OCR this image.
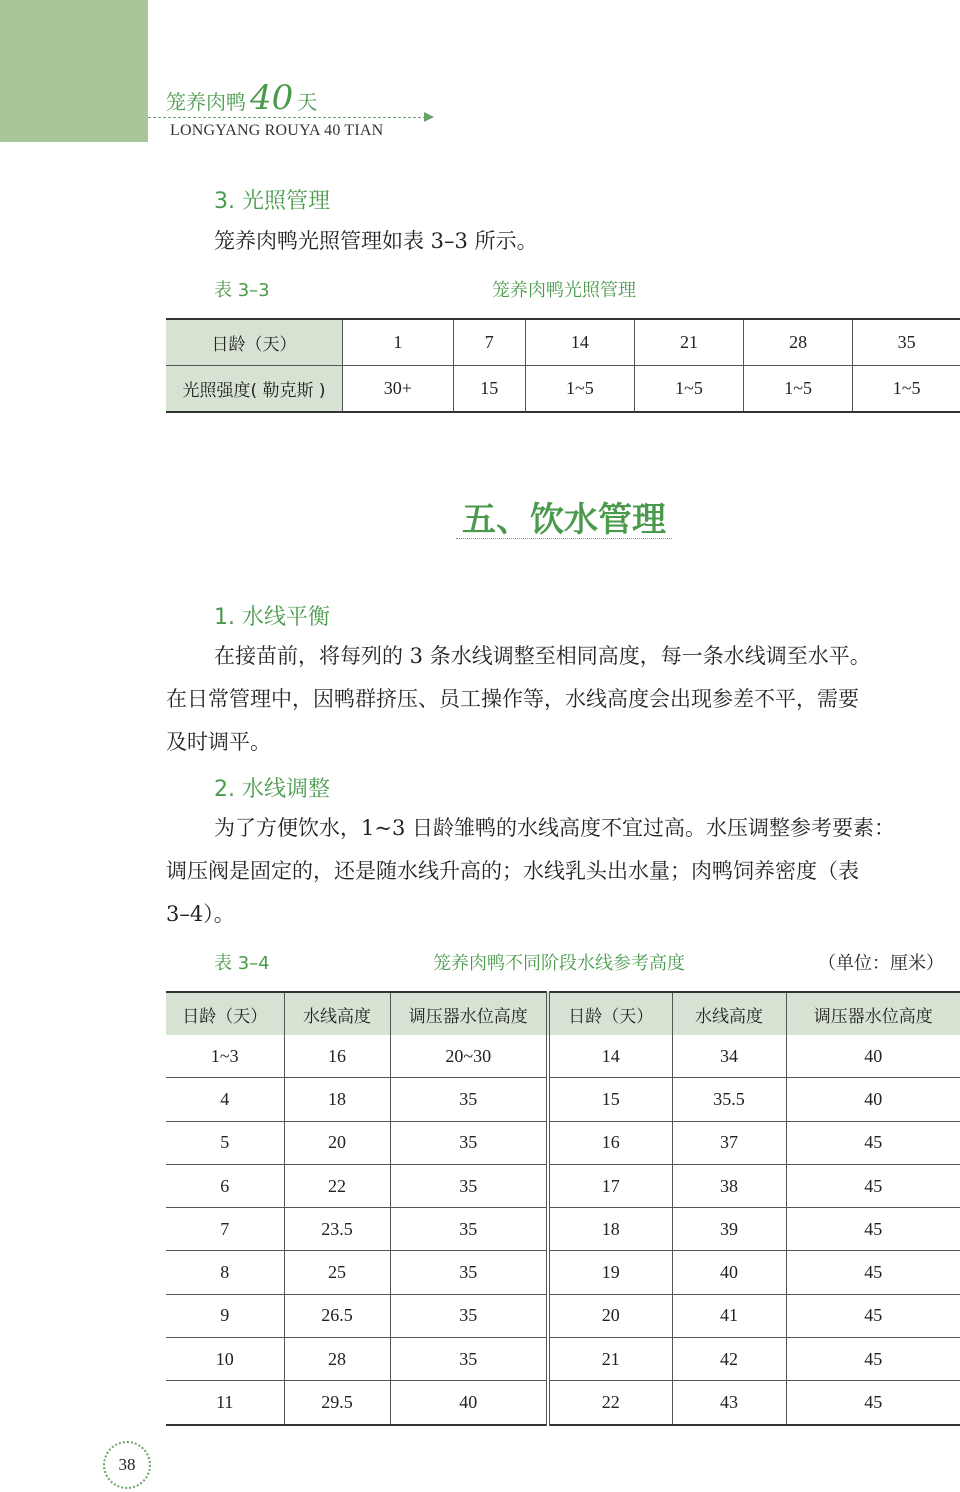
笼养肉鸭 40 天
LONGYANG ROUYA 40 TIAN
3. 光照管理
笼养肉鸭光照管理如表 3–3 所示。
表 3–3	笼养肉鸭光照管理
日龄（天）	1	7	14	21	28	35
光照强度( 勒克斯 )	30+	15	1~5	1~5	1~5	1~5
五、饮水管理
1. 水线平衡
在接苗前，将每列的 3 条水线调整至相同高度，每一条水线调至水平。
在日常管理中，因鸭群挤压、员工操作等，水线高度会出现参差不平，需要
及时调平。
2. 水线调整
为了方便饮水，1~3 日龄雏鸭的水线高度不宜过高。水压调整参考要素：
调压阀是固定的，还是随水线升高的；水线乳头出水量；肉鸭饲养密度（表
3–4）。
表 3–4	笼养肉鸭不同阶段水线参考高度	（单位：厘米）
日龄（天）	水线高度	调压器水位高度	日龄（天）	水线高度	调压器水位高度
1~3	16	20~30	14	34	40
4	18	35	15	35.5	40
5	20	35	16	37	45
6	22	35	17	38	45
7	23.5	35	18	39	45
8	25	35	19	40	45
9	26.5	35	20	41	45
10	28	35	21	42	45
11	29.5	40	22	43	45
38
